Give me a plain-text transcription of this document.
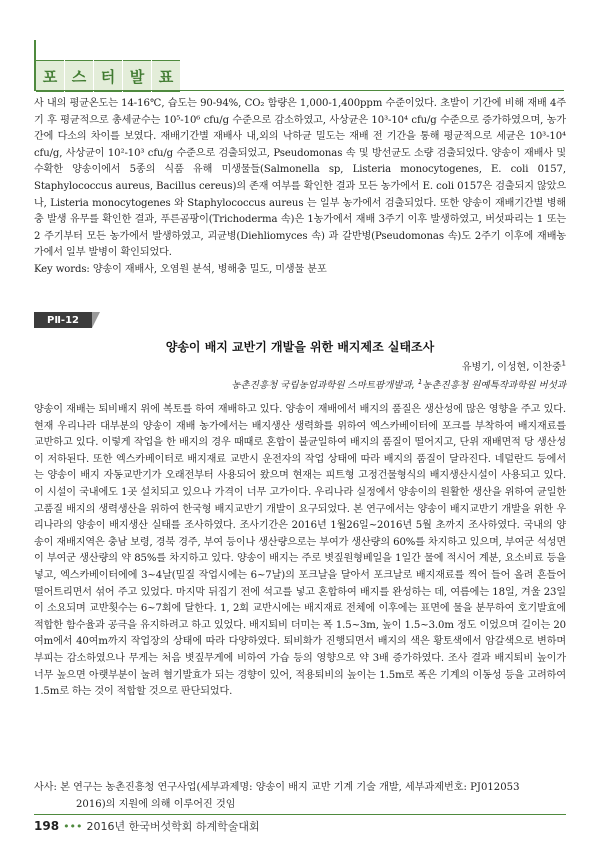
포 스 터 발 표

사 내의 평균온도는 14-16℃, 습도는 90-94%, CO₂ 함량은 1,000-1,400ppm 수준이었다. 초발이 기간에 비해 재배 4주기 후 평균적으로 총세균수는 10⁵-10⁶ cfu/g 수준으로 감소하였고, 사상균은 10³-10⁴ cfu/g 수준으로 증가하였으며, 농가 간에 다소의 차이를 보였다. 재배기간별 재배사 내,외의 낙하균 밀도는 재배 전 기간을 통해 평균적으로 세균은 10³-10⁴ cfu/g, 사상균이 10²-10³ cfu/g 수준으로 검출되었고, Pseudomonas 속 및 방선균도 소량 검출되었다. 양송이 재배사 및 수확한 양송이에서 5종의 식품 유해 미생물들(Salmonella sp, Listeria monocytogenes, E. coli 0157, Staphylococcus aureus, Bacillus cereus)의 존재 여부를 확인한 결과 모든 농가에서 E. coli 0157은 검출되지 않았으나, Listeria monocytogenes 와 Staphylococcus aureus 는 일부 농가에서 검출되었다. 또한 양송이 재배기간별 병해충 발생 유무를 확인한 결과, 푸른곰팡이(Trichoderma 속)은 1농가에서 재배 3주기 이후 발생하였고, 버섯파리는 1 또는 2 주기부터 모든 농가에서 발생하였고, 괴균병(Diehliomyces 속) 과 갈반병(Pseudomonas 속)도 2주기 이후에 재배농가에서 일부 발병이 확인되었다.

Key words: 양송이 재배사, 오염원 분석, 병해충 밀도, 미생물 분포

PⅡ-12
양송이 배지 교반기 개발을 위한 배지제조 실태조사
유병기, 이성현, 이찬중$^1$
농촌진흥청 국립농업과학원 스마트팜개발과, $^1$농촌진흥청 원예특작과학원 버섯과

양송이 재배는 퇴비배지 위에 복토를 하여 재배하고 있다. 양송이 재배에서 배지의 품질은 생산성에 많은 영향을 주고 있다. 현재 우리나라 대부분의 양송이 재배 농가에서는 배지생산 생력화를 위하여 엑스카베이터에 포크를 부착하여 배지재료를 교반하고 있다. 이렇게 작업을 한 배지의 경우 때때로 혼합이 불균일하여 배지의 품질이 떨어지고, 단위 재배면적 당 생산성이 저하된다. 또한 엑스카베이터로 배지재료 교반시 운전자의 작업 상태에 따라 배지의 품질이 달라진다. 네덜란드 등에서는 양송이 배지 자동교반기가 오래전부터 사용되어 왔으며 현재는 피트형 고정건물형식의 배지생산시설이 사용되고 있다. 이 시설이 국내에도 1곳 설치되고 있으나 가격이 너무 고가이다. 우리나라 실정에서 양송이의 원활한 생산을 위하여 균일한 고품질 배지의 생력생산을 위하여 한국형 배지교반기 개발이 요구되었다. 본 연구에서는 양송이 배지교반기 개발을 위한 우리나라의 양송이 배지생산 실태를 조사하였다. 조사기간은 2016년 1월26일~2016년 5월 초까지 조사하였다. 국내의 양송이 재배지역은 충남 보령, 경북 경주, 부여 등이나 생산량으로는 부여가 생산량의 60%를 차지하고 있으며, 부여군 석성면이 부여군 생산량의 약 85%를 차지하고 있다. 양송이 배지는 주로 볏짚원형베일을 1일간 물에 적시어 계분, 요소비료 등을 넣고, 엑스카베이터에에 3~4날(밀질 작업시에는 6~7날)의 포크날을 달아서 포크날로 배지재료를 찍어 들어 올려 흔들어 떨어트리면서 섞어 주고 있었다. 마지막 뒤집기 전에 석고를 넣고 혼합하여 배지를 완성하는 데, 여름에는 18일, 겨울 23일이 소요되며 교반횟수는 6~7회에 달한다. 1, 2회 교반시에는 배지재료 전체에 이후에는 표면에 물을 분무하여 호기발효에 적합한 함수율과 공극을 유지하려고 하고 있었다. 배지퇴비 더미는 폭 1.5~3m, 높이 1.5~3.0m 정도 이었으며 길이는 20여m에서 40여m까지 작업장의 상태에 따라 다양하였다. 퇴비화가 진행되면서 배지의 색은 황토색에서 암갈색으로 변하며 부피는 감소하였으나 무게는 처음 볏짚무게에 비하여 가습 등의 영향으로 약 3배 증가하였다. 조사 결과 배지퇴비 높이가 너무 높으면 아랫부분이 눌려 혐기발효가 되는 경향이 있어, 적용퇴비의 높이는 1.5m로 폭은 기계의 이동성 등을 고려하여 1.5m로 하는 것이 적합할 것으로 판단되었다.

사사: 본 연구는 농촌진흥청 연구사업(세부과제명: 양송이 배지 교반 기계 기술 개발, 세부과제번호: PJ012053
2016)의 지원에 의해 이루어진 것임
198 ••• 2016년 한국버섯학회 하계학술대회
